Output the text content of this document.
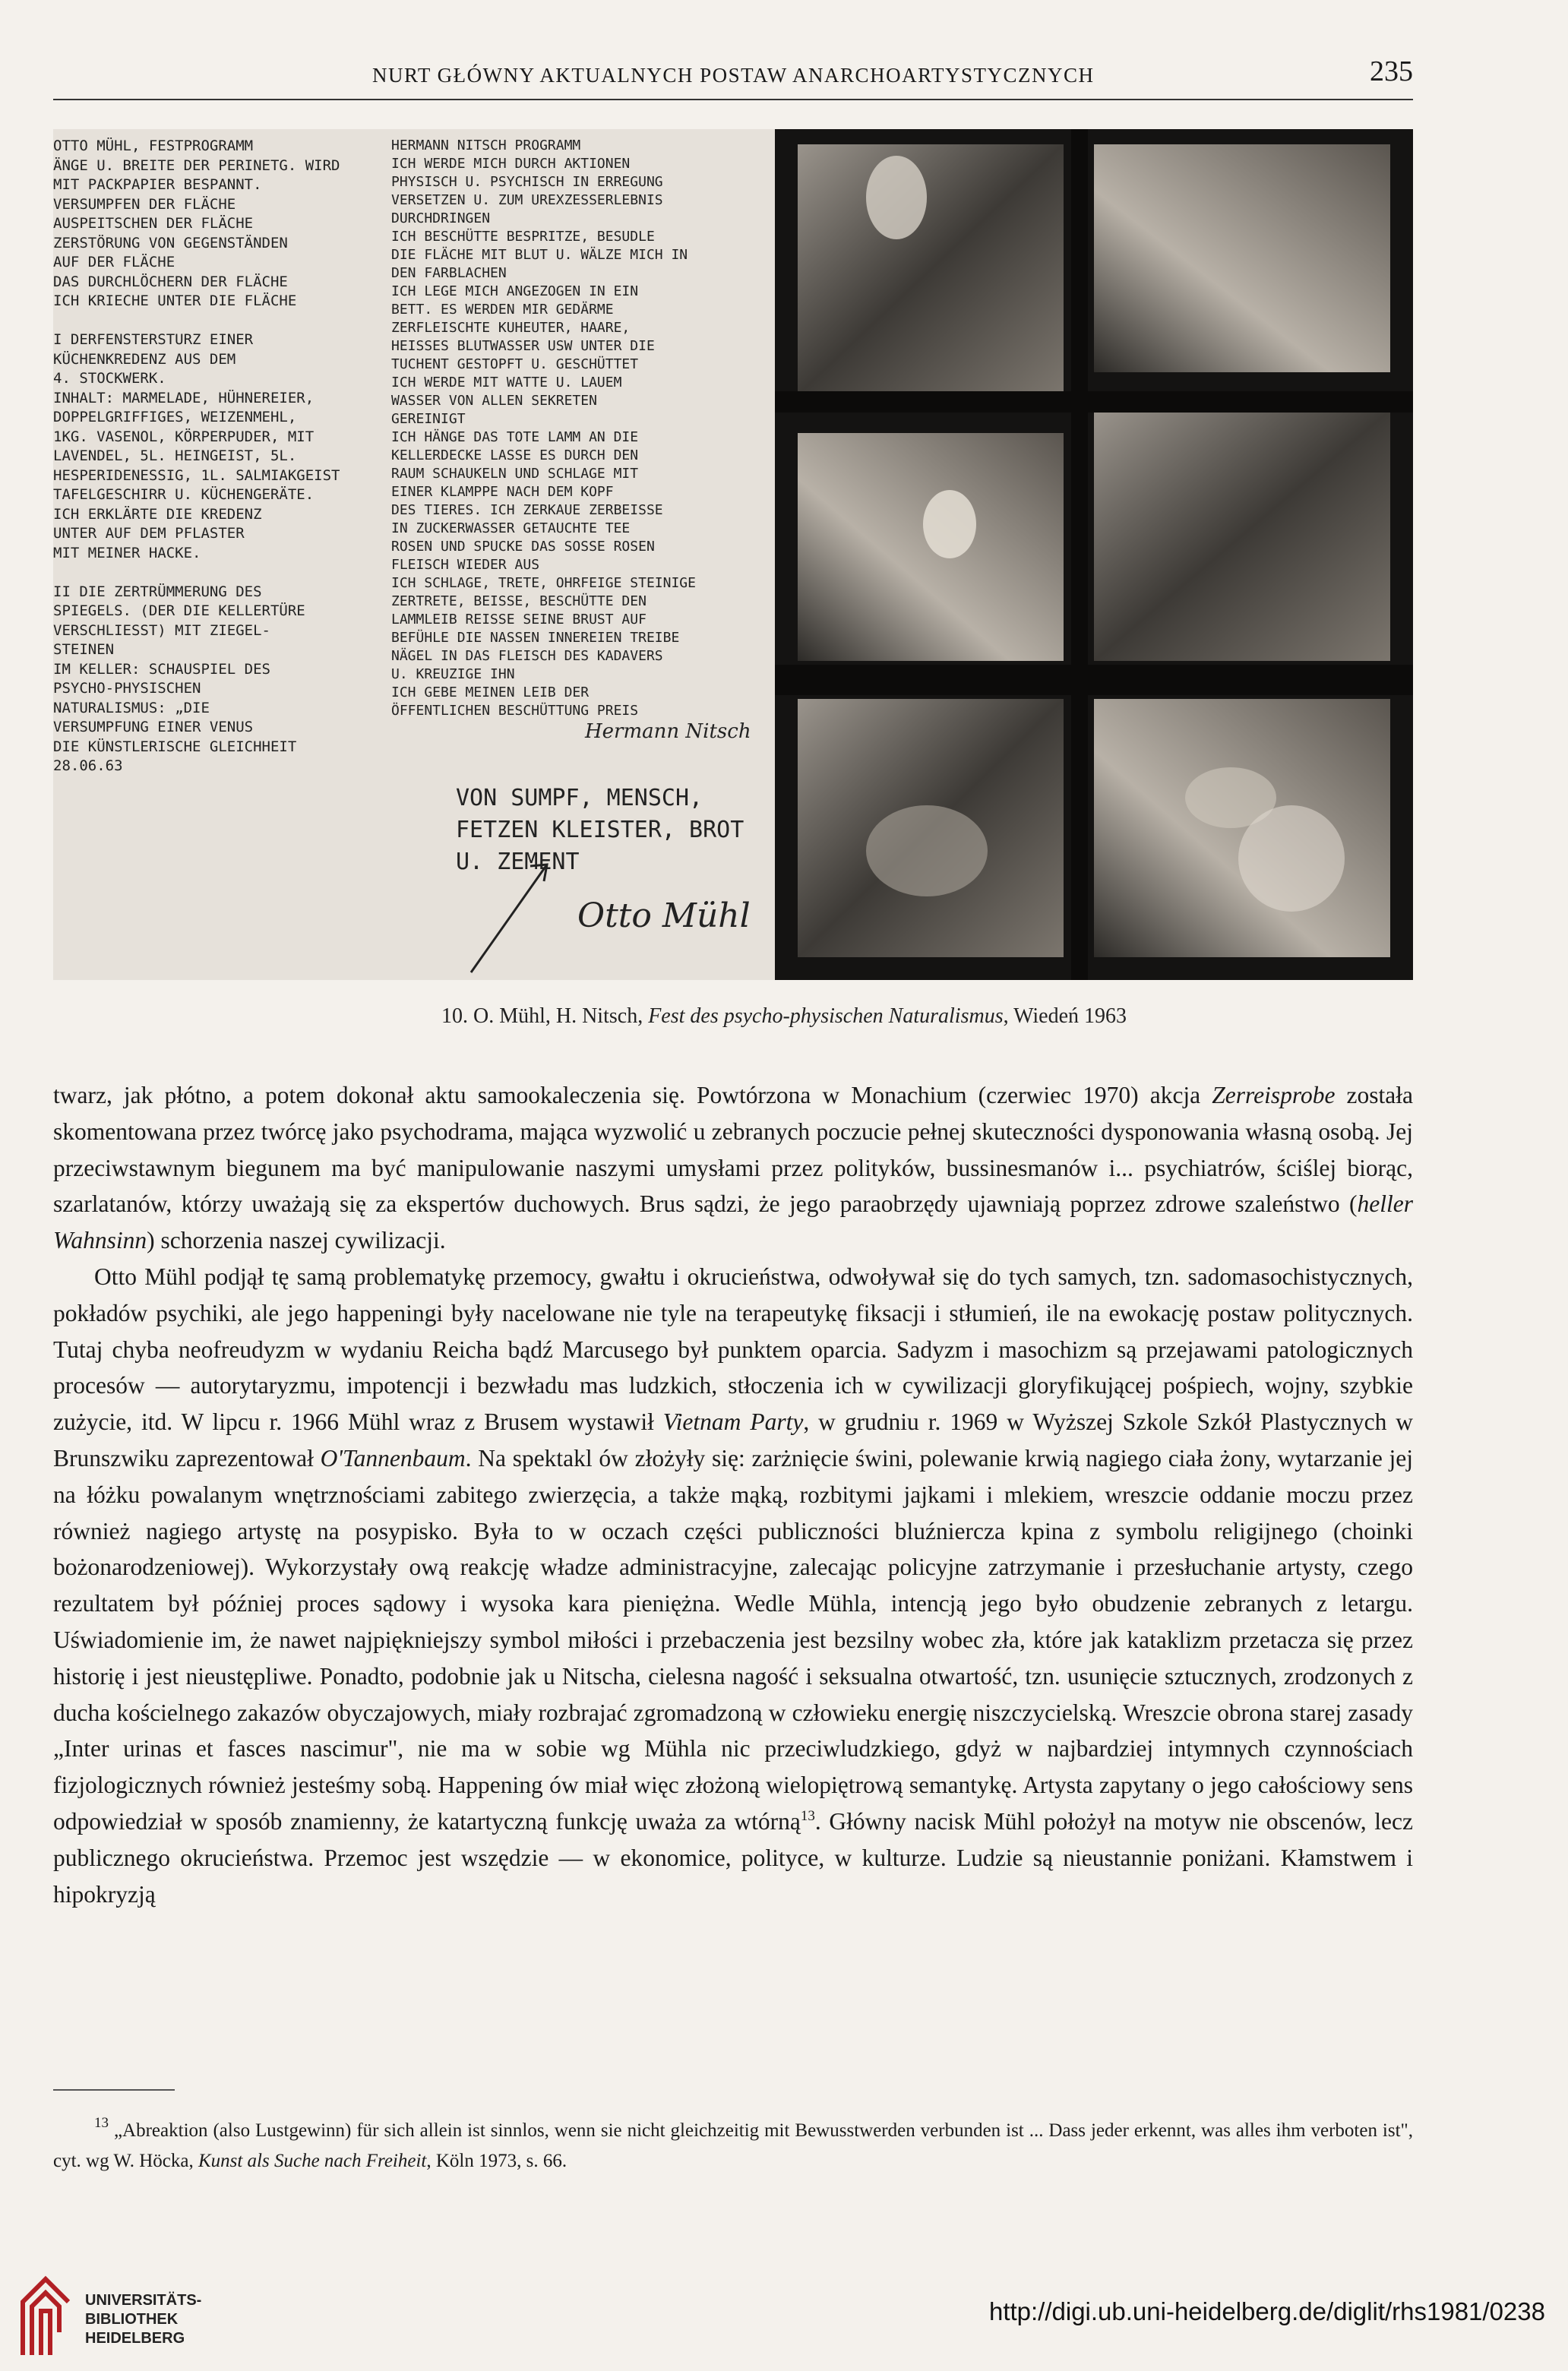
NURT GŁÓWNY AKTUALNYCH POSTAW ANARCHOARTYSTYCZNYCH	235
OTTO MÜHL, FESTPROGRAMM
ÄNGE U. BREITE DER PERINETG. WIRD
MIT PACKPAPIER BESPANNT.
VERSUMPFEN DER FLÄCHE
AUSPEITSCHEN DER FLÄCHE
ZERSTÖRUNG VON GEGENSTÄNDEN
AUF DER FLÄCHE
DAS DURCHLÖCHERN DER FLÄCHE
ICH KRIECHE UNTER DIE FLÄCHE

I DERFENSTERSTURZ EINER
KÜCHENKREDENZ AUS DEM
4. STOCKWERK.
INHALT: MARMELADE, HÜHNEREIER,
DOPPELGRIFFIGES, WEIZENMEHL,
1KG. VASENOL, KÖRPERPUDER, MIT
LAVENDEL, 5L. HEINGEIST, 5L.
HESPERIDENESSIG, 1L. SALMIAKGEIST
TAFELGESCHIRR U. KÜCHENGERÄTE.
ICH ERKLÄRTE DIE KREDENZ
UNTER AUF DEM PFLASTER
MIT MEINER HACKE.

II DIE ZERTRÜMMERUNG DES
SPIEGELS. (DER DIE KELLERTÜRE
VERSCHLIESST) MIT ZIEGEL-
STEINEN
IM KELLER: SCHAUSPIEL DES
PSYCHO-PHYSISCHEN
NATURALISMUS: „DIE
VERSUMPFUNG EINER VENUS
DIE KÜNSTLERISCHE GLEICHHEIT
28.06.63
HERMANN NITSCH PROGRAMM
ICH WERDE MICH DURCH AKTIONEN
PHYSISCH U. PSYCHISCH IN ERREGUNG
VERSETZEN U. ZUM UREXZESSERLEBNIS
DURCHDRINGEN
ICH BESCHÜTTE BESPRITZE, BESUDLE
DIE FLÄCHE MIT BLUT U. WÄLZE MICH IN
DEN FARBLACHEN
ICH LEGE MICH ANGEZOGEN IN EIN
BETT. ES WERDEN MIR GEDÄRME
ZERFLEISCHTE KUHEUTER, HAARE,
HEISSES BLUTWASSER USW UNTER DIE
TUCHENT GESTOPFT U. GESCHÜTTET
ICH WERDE MIT WATTE U. LAUEM
WASSER VON ALLEN SEKRETEN
GEREINIGT
ICH HÄNGE DAS TOTE LAMM AN DIE
KELLERDECKE LASSE ES DURCH DEN
RAUM SCHAUKELN UND SCHLAGE MIT
EINER KLAMPPE NACH DEM KOPF
DES TIERES. ICH ZERKAUE ZERBEISSE
IN ZUCKERWASSER GETAUCHTE TEE
ROSEN UND SPUCKE DAS SOSSE ROSEN
FLEISCH WIEDER AUS
ICH SCHLAGE, TRETE, OHRFEIGE STEINIGE
ZERTRETE, BEISSE, BESCHÜTTE DEN
LAMMLEIB REISSE SEINE BRUST AUF
BEFÜHLE DIE NASSEN INNEREIEN TREIBE
NÄGEL IN DAS FLEISCH DES KADAVERS
U. KREUZIGE IHN
ICH GEBE MEINEN LEIB DER
ÖFFENTLICHEN BESCHÜTTUNG PREIS
Hermann Nitsch
VON SUMPF, MENSCH, FETZEN KLEISTER, BROT U. ZEMENT
Otto Mühl
10. O. Mühl, H. Nitsch, Fest des psycho-physischen Naturalismus, Wiedeń 1963

twarz, jak płótno, a potem dokonał aktu samookaleczenia się. Powtórzona w Monachium (czerwiec 1970) akcja Zerreisprobe została skomentowana przez twórcę jako psychodrama, mająca wyzwolić u zebranych poczucie pełnej skuteczności dysponowania własną osobą. Jej przeciwstawnym biegunem ma być manipulowanie naszymi umysłami przez polityków, bussinesmanów i... psychiatrów, ściślej biorąc, szarlatanów, którzy uważają się za ekspertów duchowych. Brus sądzi, że jego paraobrzędy ujawniają poprzez zdrowe szaleństwo (heller Wahnsinn) schorzenia naszej cywilizacji.

Otto Mühl podjął tę samą problematykę przemocy, gwałtu i okrucieństwa, odwoływał się do tych samych, tzn. sadomasochistycznych, pokładów psychiki, ale jego happeningi były nacelowane nie tyle na terapeutykę fiksacji i stłumień, ile na ewokację postaw politycznych. Tutaj chyba neofreudyzm w wydaniu Reicha bądź Marcusego był punktem oparcia. Sadyzm i masochizm są przejawami patologicznych procesów — autorytaryzmu, impotencji i bezwładu mas ludzkich, stłoczenia ich w cywilizacji gloryfikującej pośpiech, wojny, szybkie zużycie, itd. W lipcu r. 1966 Mühl wraz z Brusem wystawił Vietnam Party, w grudniu r. 1969 w Wyższej Szkole Szkół Plastycznych w Brunszwiku zaprezentował O'Tannenbaum. Na spektakl ów złożyły się: zarżnięcie świni, polewanie krwią nagiego ciała żony, wytarzanie jej na łóżku powalanym wnętrznościami zabitego zwierzęcia, a także mąką, rozbitymi jajkami i mlekiem, wreszcie oddanie moczu przez również nagiego artystę na posypisko. Była to w oczach części publiczności bluźniercza kpina z symbolu religijnego (choinki bożonarodzeniowej). Wykorzystały ową reakcję władze administracyjne, zalecając policyjne zatrzymanie i przesłuchanie artysty, czego rezultatem był później proces sądowy i wysoka kara pieniężna. Wedle Mühla, intencją jego było obudzenie zebranych z letargu. Uświadomienie im, że nawet najpiękniejszy symbol miłości i przebaczenia jest bezsilny wobec zła, które jak kataklizm przetacza się przez historię i jest nieustępliwe. Ponadto, podobnie jak u Nitscha, cielesna nagość i seksualna otwartość, tzn. usunięcie sztucznych, zrodzonych z ducha kościelnego zakazów obyczajowych, miały rozbrajać zgromadzoną w człowieku energię niszczycielską. Wreszcie obrona starej zasady „Inter urinas et fasces nascimur", nie ma w sobie wg Mühla nic przeciwludzkiego, gdyż w najbardziej intymnych czynnościach fizjologicznych również jesteśmy sobą. Happening ów miał więc złożoną wielopiętrową semantykę. Artysta zapytany o jego całościowy sens odpowiedział w sposób znamienny, że katartyczną funkcję uważa za wtórną$^{13}$. Główny nacisk Mühl położył na motyw nie obscenów, lecz publicznego okrucieństwa. Przemoc jest wszędzie — w ekonomice, polityce, w kulturze. Ludzie są nieustannie poniżani. Kłamstwem i hipokryzją

$^{13}$ „Abreaktion (also Lustgewinn) für sich allein ist sinnlos, wenn sie nicht gleichzeitig mit Bewusstwerden verbunden ist ... Dass jeder erkennt, was alles ihm verboten ist", cyt. wg W. Höcka, Kunst als Suche nach Freiheit, Köln 1973, s. 66.
UNIVERSITÄTS-
BIBLIOTHEK
HEIDELBERG
http://digi.ub.uni-heidelberg.de/diglit/rhs1981/0238
